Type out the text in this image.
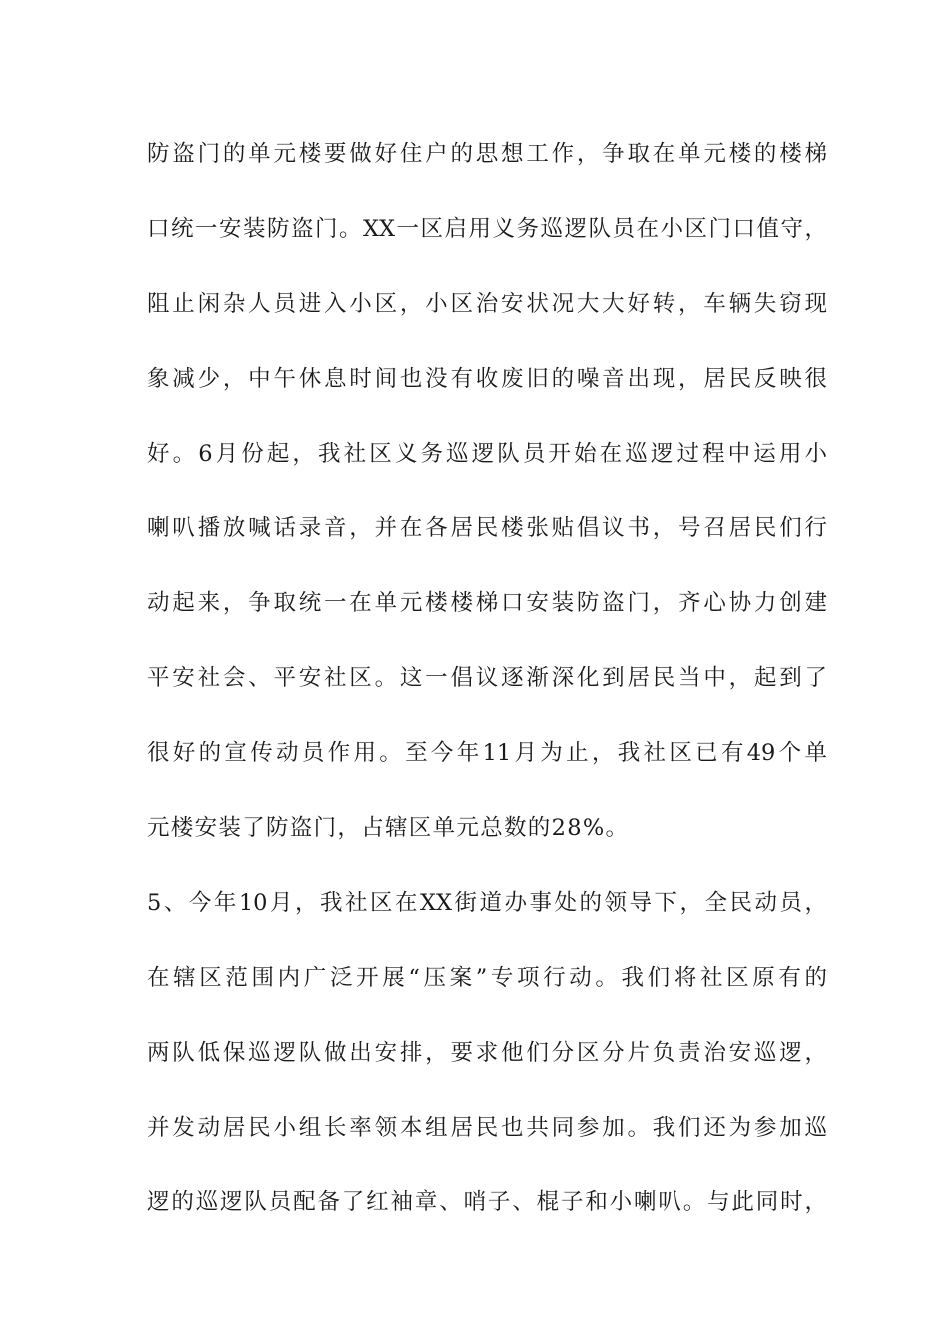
防盗门的单元楼要做好住户的思想工作，争取在单元楼的楼梯
口统一安装防盗门。XX一区启用义务巡逻队员在小区门口值守，
阻止闲杂人员进入小区，小区治安状况大大好转，车辆失窃现
象减少，中午休息时间也没有收废旧的噪音出现，居民反映很
好。6月份起，我社区义务巡逻队员开始在巡逻过程中运用小
喇叭播放喊话录音，并在各居民楼张贴倡议书，号召居民们行
动起来，争取统一在单元楼楼梯口安装防盗门，齐心协力创建
平安社会、平安社区。这一倡议逐渐深化到居民当中，起到了
很好的宣传动员作用。至今年11月为止，我社区已有49个单
元楼安装了防盗门，占辖区单元总数的28%。
5、今年10月，我社区在XX街道办事处的领导下，全民动员，
在辖区范围内广泛开展“压案”专项行动。我们将社区原有的
两队低保巡逻队做出安排，要求他们分区分片负责治安巡逻，
并发动居民小组长率领本组居民也共同参加。我们还为参加巡
逻的巡逻队员配备了红袖章、哨子、棍子和小喇叭。与此同时，
